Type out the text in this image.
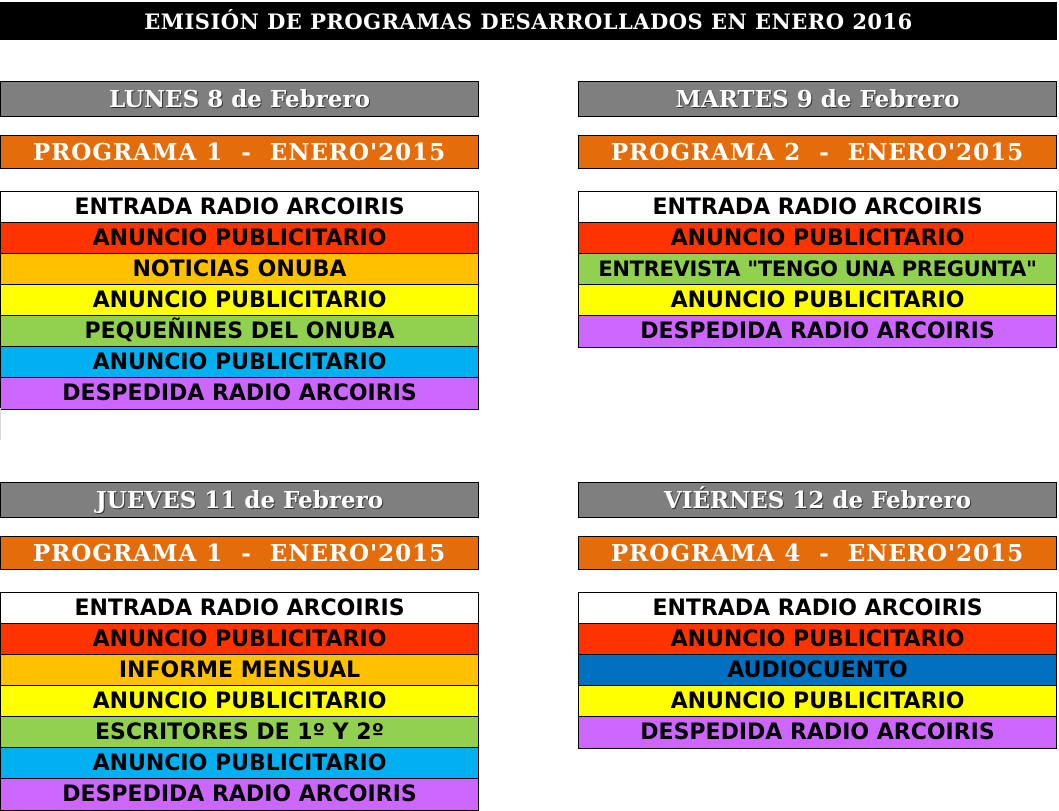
EMISIÓN DE PROGRAMAS DESARROLLADOS EN ENERO 2016
LUNES 8 de Febrero
PROGRAMA 1  -  ENERO'2015
ENTRADA RADIO ARCOIRIS
ANUNCIO PUBLICITARIO
NOTICIAS ONUBA
ANUNCIO PUBLICITARIO
PEQUEÑINES DEL ONUBA
ANUNCIO PUBLICITARIO
DESPEDIDA RADIO ARCOIRIS
MARTES 9 de Febrero
PROGRAMA 2  -  ENERO'2015
ENTRADA RADIO ARCOIRIS
ANUNCIO PUBLICITARIO
ENTREVISTA "TENGO UNA PREGUNTA"
ANUNCIO PUBLICITARIO
DESPEDIDA RADIO ARCOIRIS
JUEVES 11 de Febrero
PROGRAMA 1  -  ENERO'2015
ENTRADA RADIO ARCOIRIS
ANUNCIO PUBLICITARIO
INFORME MENSUAL
ANUNCIO PUBLICITARIO
ESCRITORES DE 1º Y 2º
ANUNCIO PUBLICITARIO
DESPEDIDA RADIO ARCOIRIS
VIÉRNES 12 de Febrero
PROGRAMA 4  -  ENERO'2015
ENTRADA RADIO ARCOIRIS
ANUNCIO PUBLICITARIO
AUDIOCUENTO
ANUNCIO PUBLICITARIO
DESPEDIDA RADIO ARCOIRIS
